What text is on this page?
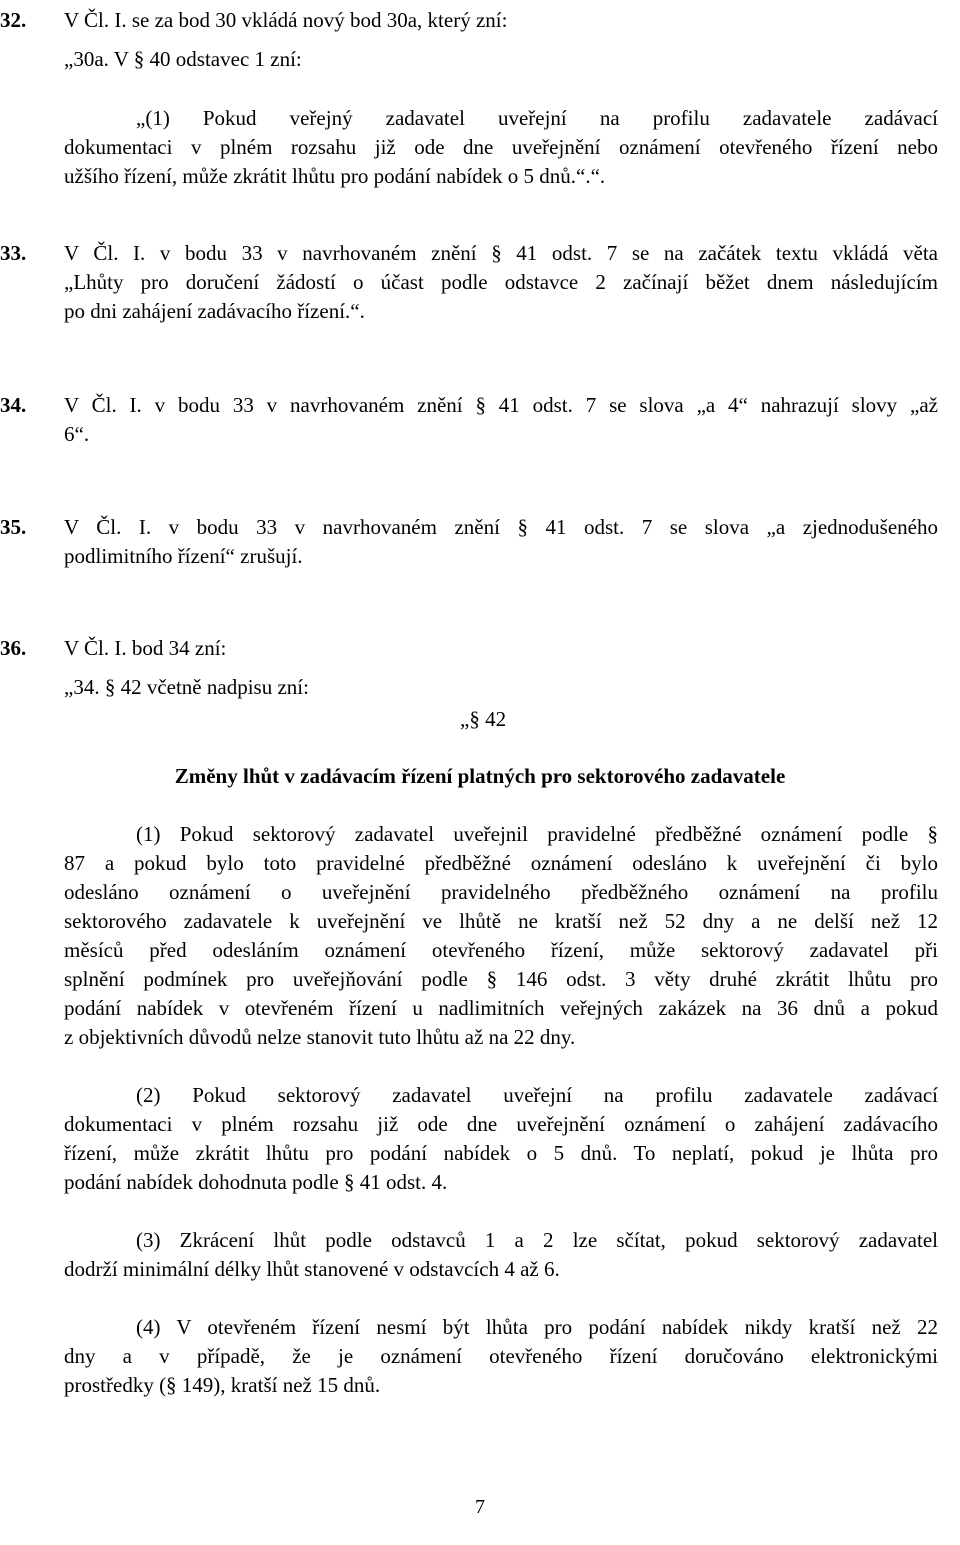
32. V Čl. I. se za bod 30 vkládá nový bod 30a, který zní:
„30a. V § 40 odstavec 1 zní:
„(1) Pokud veřejný zadavatel uveřejní na profilu zadavatele zadávací
dokumentaci v plném rozsahu již ode dne uveřejnění oznámení otevřeného řízení nebo
užšího řízení, může zkrátit lhůtu pro podání nabídek o 5 dnů.“.“.
33. V Čl. I. v bodu 33 v navrhovaném znění § 41 odst. 7 se na začátek textu vkládá věta
„Lhůty pro doručení žádostí o účast podle odstavce 2 začínají běžet dnem následujícím
po dni zahájení zadávacího řízení.“.
34. V Čl. I. v bodu 33 v navrhovaném znění § 41 odst. 7 se slova „a 4“ nahrazují slovy „až
6“.
35. V Čl. I. v bodu 33 v navrhovaném znění § 41 odst. 7 se slova „a zjednodušeného
podlimitního řízení“ zrušují.
36. V Čl. I. bod 34 zní:
„34. § 42 včetně nadpisu zní:
„§ 42
Změny lhůt v zadávacím řízení platných pro sektorového zadavatele
(1) Pokud sektorový zadavatel uveřejnil pravidelné předběžné oznámení podle §
87 a pokud bylo toto pravidelné předběžné oznámení odesláno k uveřejnění či bylo
odesláno oznámení o uveřejnění pravidelného předběžného oznámení na profilu
sektorového zadavatele k uveřejnění ve lhůtě ne kratší než 52 dny a ne delší než 12
měsíců před odesláním oznámení otevřeného řízení, může sektorový zadavatel při
splnění podmínek pro uveřejňování podle § 146 odst. 3 věty druhé zkrátit lhůtu pro
podání nabídek v otevřeném řízení u nadlimitních veřejných zakázek na 36 dnů a pokud
z objektivních důvodů nelze stanovit tuto lhůtu až na 22 dny.
(2) Pokud sektorový zadavatel uveřejní na profilu zadavatele zadávací
dokumentaci v plném rozsahu již ode dne uveřejnění oznámení o zahájení zadávacího
řízení, může zkrátit lhůtu pro podání nabídek o 5 dnů. To neplatí, pokud je lhůta pro
podání nabídek dohodnuta podle § 41 odst. 4.
(3) Zkrácení lhůt podle odstavců 1 a 2 lze sčítat, pokud sektorový zadavatel
dodrží minimální délky lhůt stanovené v odstavcích 4 až 6.
(4) V otevřeném řízení nesmí být lhůta pro podání nabídek nikdy kratší než 22
dny a v případě, že je oznámení otevřeného řízení doručováno elektronickými
prostředky (§ 149), kratší než 15 dnů.
7
